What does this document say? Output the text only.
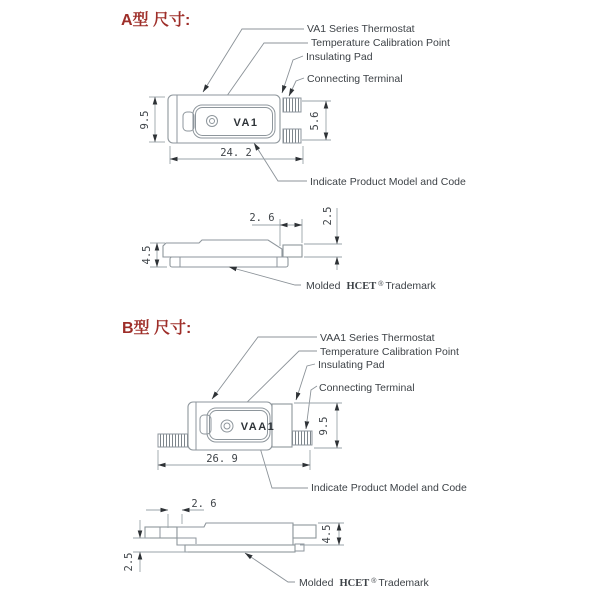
A型 尺寸:	VA1 Series Thermostat
Temperature Calibration Point
Insulating Pad
Connecting Terminal
Indicate Product Model and Code
VA1
9.5	5.6
24. 2
2. 6	2.5
4.5
Molded HCET ® Trademark
B型 尺寸:
VAA1 Series Thermostat
Temperature Calibration Point
Insulating Pad
Connecting Terminal
Indicate Product Model and Code
VAA1	9.5
26. 9
2. 6
2.5
4.5
Molded HCET ® Trademark
